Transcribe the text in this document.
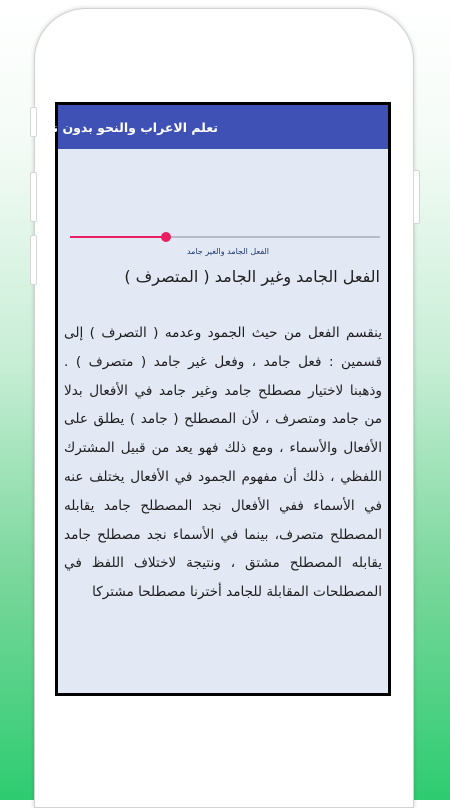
تعلم الاعراب والنحو بدون نت
الفعل الجامد والغير جامد
الفعل الجامد وغير الجامد ( المتصرف )
ينقسم الفعل من حيث الجمود وعدمه ( التصرف ) إلى قسمين : فعل جامد ، وفعل غير جامد ( متصرف ) . وذهبنا لاختيار مصطلح جامد وغير جامد في الأفعال بدلا من جامد ومتصرف ، لأن المصطلح ( جامد ) يطلق على الأفعال والأسماء ، ومع ذلك فهو يعد من قبيل المشترك اللفظي ، ذلك أن مفهوم الجمود في الأفعال يختلف عنه في الأسماء ففي الأفعال نجد المصطلح جامد يقابله المصطلح متصرف، بينما في الأسماء نجد مصطلح جامد يقابله المصطلح مشتق ، ونتيجة لاختلاف اللفظ في المصطلحات المقابلة للجامد أخترنا مصطلحا مشتركا
